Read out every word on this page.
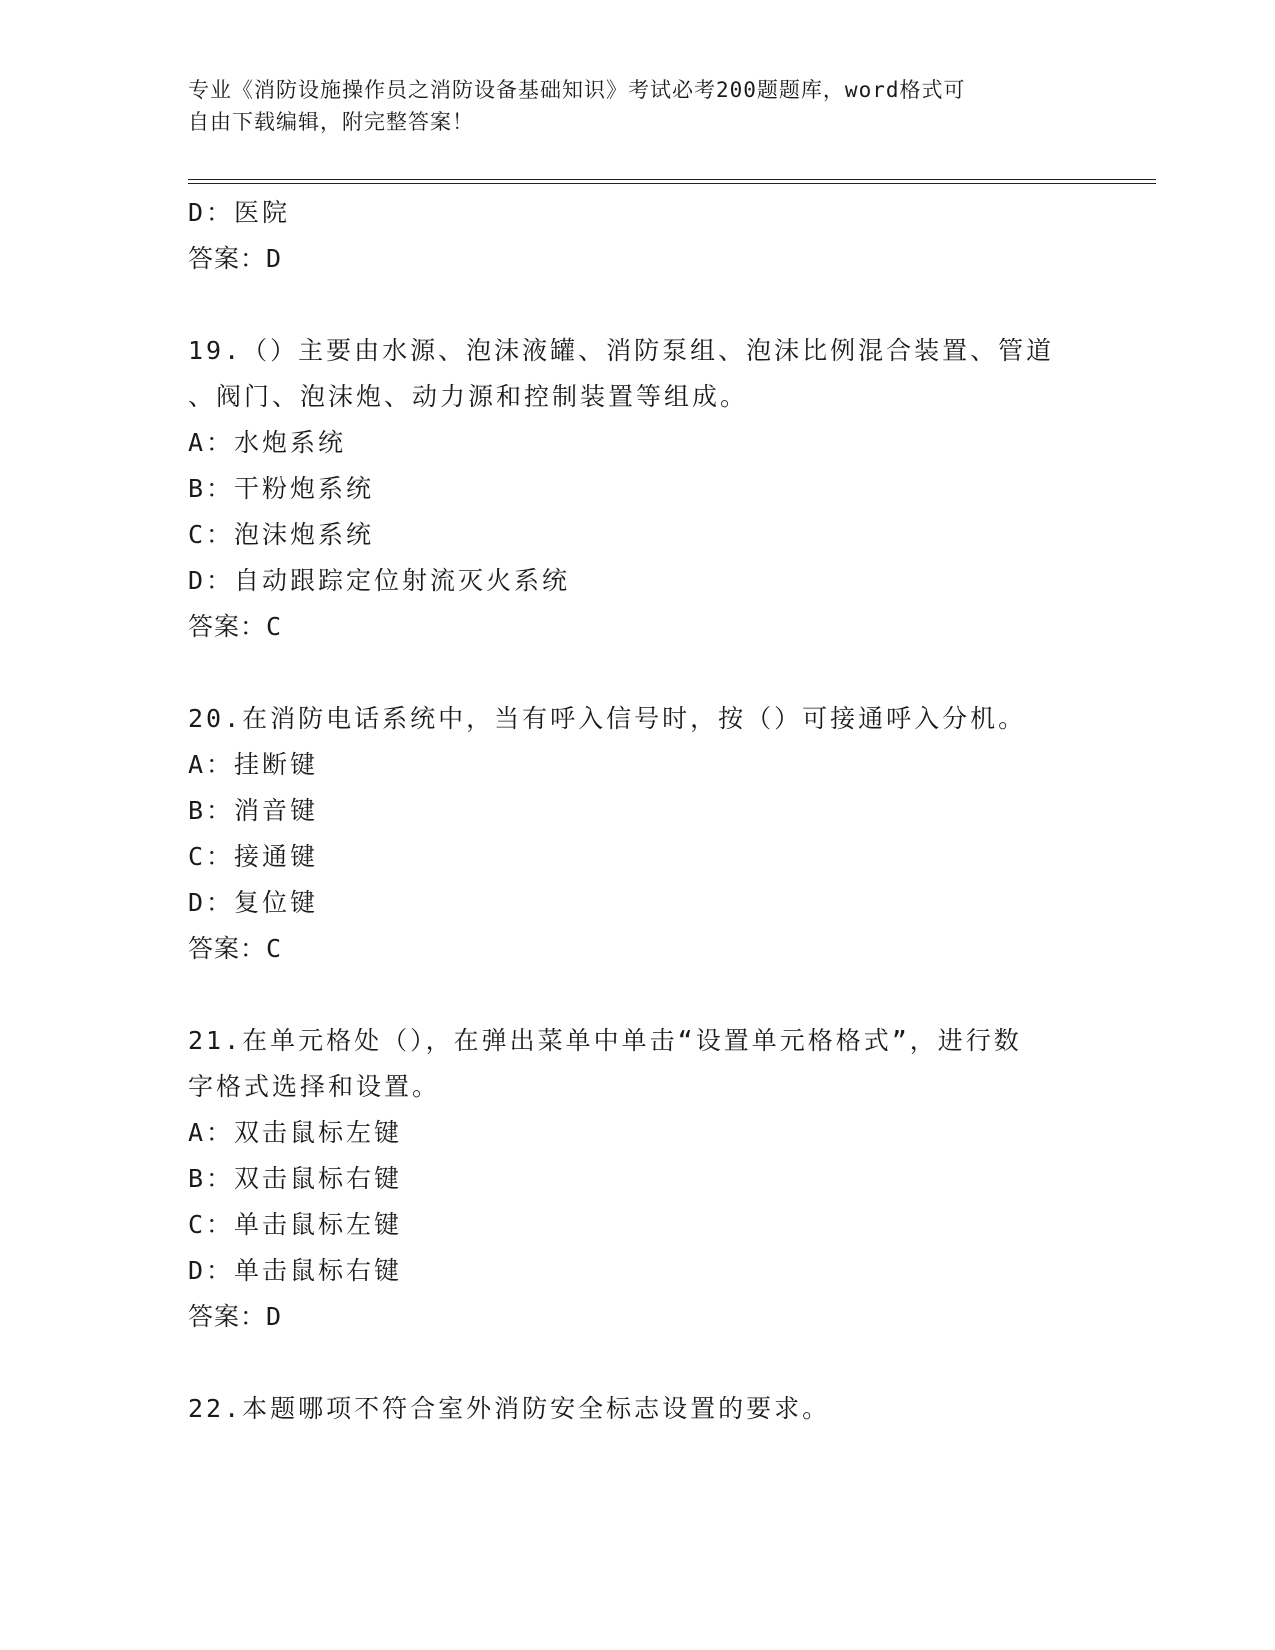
专业《消防设施操作员之消防设备基础知识》考试必考200题题库，word格式可
自由下载编辑，附完整答案！
D：医院
答案：D
19.（）主要由水源、泡沫液罐、消防泵组、泡沫比例混合装置、管道
、阀门、泡沫炮、动力源和控制装置等组成。
A：水炮系统
B：干粉炮系统
C：泡沫炮系统
D：自动跟踪定位射流灭火系统
答案：C
20.在消防电话系统中，当有呼入信号时，按（）可接通呼入分机。
A：挂断键
B：消音键
C：接通键
D：复位键
答案：C
21.在单元格处（），在弹出菜单中单击“设置单元格格式”，进行数
字格式选择和设置。
A：双击鼠标左键
B：双击鼠标右键
C：单击鼠标左键
D：单击鼠标右键
答案：D
22.本题哪项不符合室外消防安全标志设置的要求。
